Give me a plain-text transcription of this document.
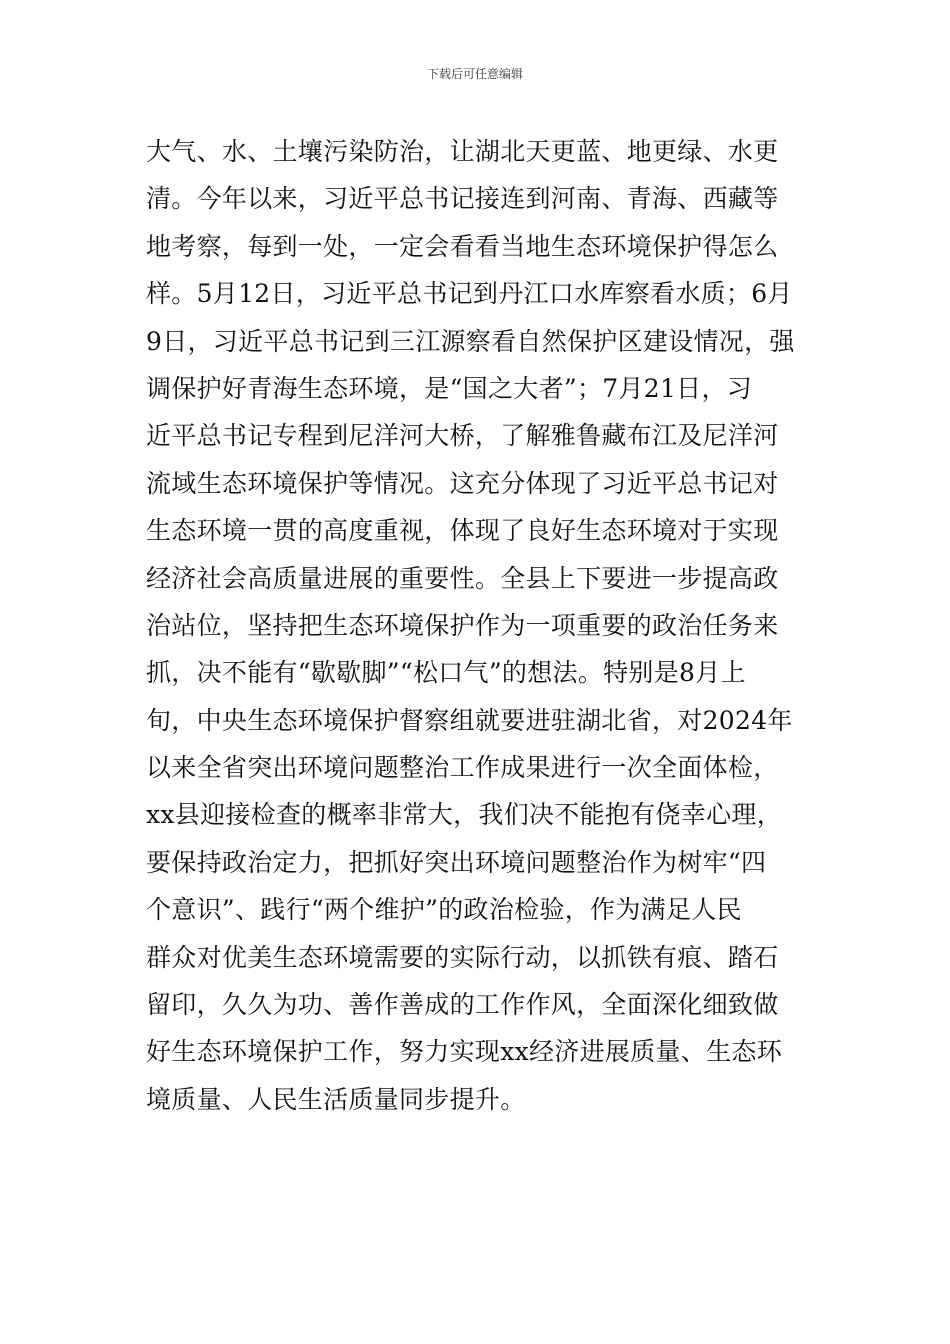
下载后可任意编辑
大气、水、土壤污染防治，让湖北天更蓝、地更绿、水更
清。今年以来，习近平总书记接连到河南、青海、西藏等
地考察，每到一处，一定会看看当地生态环境保护得怎么
样。5月12日，习近平总书记到丹江口水库察看水质；6月
9日，习近平总书记到三江源察看自然保护区建设情况，强
调保护好青海生态环境，是“国之大者”；7月21日，习
近平总书记专程到尼洋河大桥，了解雅鲁藏布江及尼洋河
流域生态环境保护等情况。这充分体现了习近平总书记对
生态环境一贯的高度重视，体现了良好生态环境对于实现
经济社会高质量进展的重要性。全县上下要进一步提高政
治站位，坚持把生态环境保护作为一项重要的政治任务来
抓，决不能有“歇歇脚”“松口气”的想法。特别是8月上
旬，中央生态环境保护督察组就要进驻湖北省，对2024年
以来全省突出环境问题整治工作成果进行一次全面体检，
xx县迎接检查的概率非常大，我们决不能抱有侥幸心理，
要保持政治定力，把抓好突出环境问题整治作为树牢“四
个意识”、践行“两个维护”的政治检验，作为满足人民
群众对优美生态环境需要的实际行动，以抓铁有痕、踏石
留印，久久为功、善作善成的工作作风，全面深化细致做
好生态环境保护工作，努力实现xx经济进展质量、生态环
境质量、人民生活质量同步提升。
